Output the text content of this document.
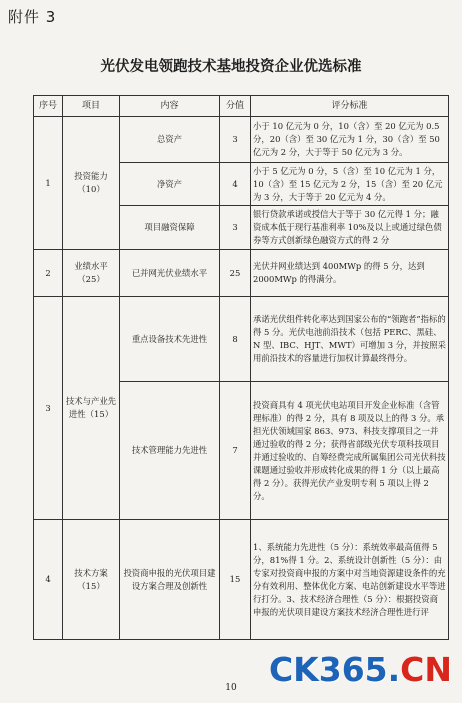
附件 3
光伏发电领跑技术基地投资企业优选标准
序号	项目	内容	分值	评分标准
1	投资能力（10）	总资产	3	小于 10 亿元为 0 分，10（含）至 20 亿元为 0.5 分，20（含）至 30 亿元为 1 分，30（含）至 50 亿元为 2 分，大于等于 50 亿元为 3 分。
		净资产	4	小于 5 亿元为 0 分，5（含）至 10 亿元为 1 分，10（含）至 15 亿元为 2 分，15（含）至 20 亿元为 3 分，大于等于 20 亿元为 4 分。
		项目融资保障	3	银行贷款承诺或授信大于等于 30 亿元得 1 分；融资成本低于现行基准利率 10%及以上或通过绿色债券等方式创新绿色融资方式的得 2 分
2	业绩水平（25）	已并网光伏业绩水平	25	光伏并网业绩达到 400MWp 的得 5 分，达到 2000MWp 的得满分。
3	技术与产业先进性（15）	重点设备技术先进性	8	承诺光伏组件转化率达到国家公布的“领跑者”指标的得 5 分。光伏电池前沿技术（包括 PERC、黑硅、N 型、IBC、HJT、MWT）可增加 3 分，并按照采用前沿技术的容量进行加权计算最终得分。
		技术管理能力先进性	7	投资商具有 4 项光伏电站项目开发企业标准（含管理标准）的得 2 分，具有 8 项及以上的得 3 分。承担光伏领域国家 863、973、科技支撑项目之一并通过验收的得 2 分；获得省部级光伏专项科技项目并通过验收的、自筹经费完成所属集团公司光伏科技课题通过验收并形成转化成果的得 1 分（以上最高得 2 分）。获得光伏产业发明专利 5 项以上得 2 分。
4	技术方案（15）	投资商申报的光伏项目建设方案合理及创新性	15	1、系统能力先进性（5 分）：系统效率最高值得 5 分，81%得 1 分。2、系统设计创新性（5 分）：由专家对投资商申报的方案中对当地资源建设条件的充分有效利用、整体优化方案、电站创新建设水平等进行打分。3、技术经济合理性（5 分）：根据投资商申报的光伏项目建设方案技术经济合理性进行评
CK365.CN
10
